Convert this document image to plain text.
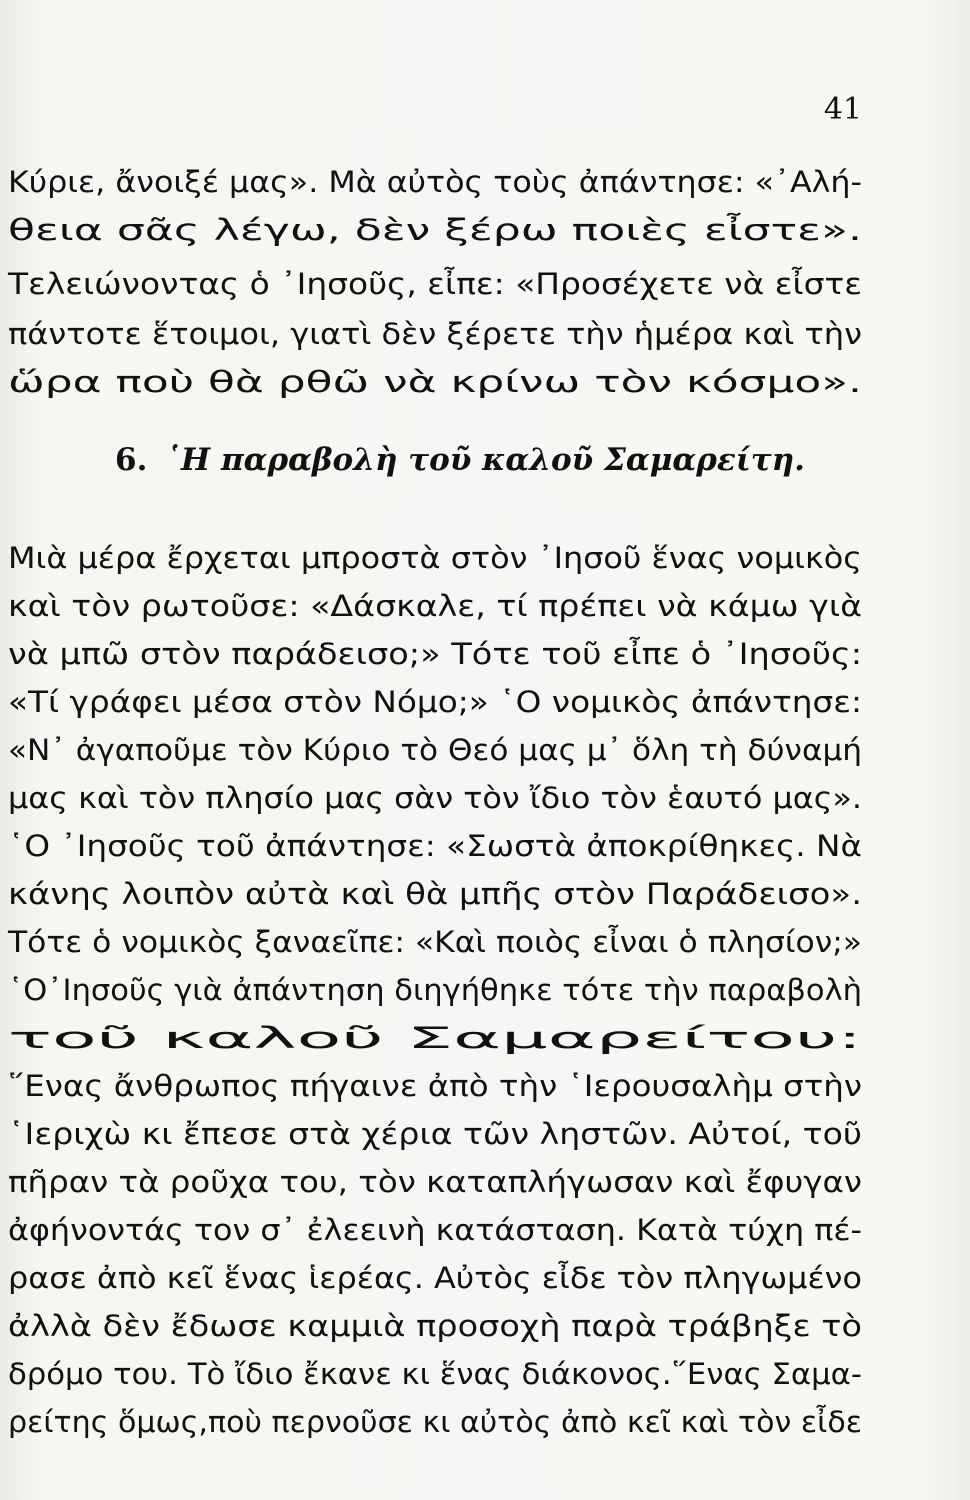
41
Κύριε, ἄνοιξέ μας». Μὰ αὐτὸς τοὺς ἀπάντησε: «᾿Αλή-
θεια σᾶς λέγω, δὲν ξέρω ποιὲς εἶστε».
Τελειώνοντας ὁ ᾿Ιησοῦς, εἶπε: «Προσέχετε νὰ εἶστε
πάντοτε ἕτοιμοι, γιατὶ δὲν ξέρετε τὴν ἡμέρα καὶ τὴν
ὥρα ποὺ θὰ ρθῶ νὰ κρίνω τὸν κόσμο».
6. ῾Η παραβολὴ τοῦ καλοῦ Σαμαρείτη.
Μιὰ μέρα ἔρχεται μπροστὰ στὸν ᾿Ιησοῦ ἕνας νομικὸς
καὶ τὸν ρωτοῦσε: «Δάσκαλε, τί πρέπει νὰ κάμω γιὰ
νὰ μπῶ στὸν παράδεισο;» Τότε τοῦ εἶπε ὁ ᾿Ιησοῦς:
«Τί γράφει μέσα στὸν Νόμο;» ῾Ο νομικὸς ἀπάντησε:
«Ν᾿ ἀγαποῦμε τὸν Κύριο τὸ Θεό μας μ᾿ ὅλη τὴ δύναμή
μας καὶ τὸν πλησίο μας σὰν τὸν ἴδιο τὸν ἑαυτό μας».
῾Ο ᾿Ιησοῦς τοῦ ἀπάντησε: «Σωστὰ ἀποκρίθηκες. Νὰ
κάνης λοιπὸν αὐτὰ καὶ θὰ μπῆς στὸν Παράδεισο».
Τότε ὁ νομικὸς ξαναεῖπε: «Καὶ ποιὸς εἶναι ὁ πλησίον;»
῾Ο᾿Ιησοῦς γιὰ ἀπάντηση διηγήθηκε τότε τὴν παραβολὴ
τοῦ καλοῦ Σαμαρείτου:
῞Ενας ἄνθρωπος πήγαινε ἀπὸ τὴν ῾Ιερουσαλὴμ στὴν
῾Ιεριχὼ κι ἔπεσε στὰ χέρια τῶν ληστῶν. Αὐτοί, τοῦ
πῆραν τὰ ροῦχα του, τὸν καταπλήγωσαν καὶ ἔφυγαν
ἀφήνοντάς τον σ᾿ ἐλεεινὴ κατάσταση. Κατὰ τύχη πέ-
ρασε ἀπὸ κεῖ ἕνας ἱερέας. Αὐτὸς εἶδε τὸν πληγωμένο
ἀλλὰ δὲν ἔδωσε καμμιὰ προσοχὴ παρὰ τράβηξε τὸ
δρόμο του. Τὸ ἴδιο ἔκανε κι ἕνας διάκονος.῞Ενας Σαμα-
ρείτης ὅμως,ποὺ περνοῦσε κι αὐτὸς ἀπὸ κεῖ καὶ τὸν εἶδε
